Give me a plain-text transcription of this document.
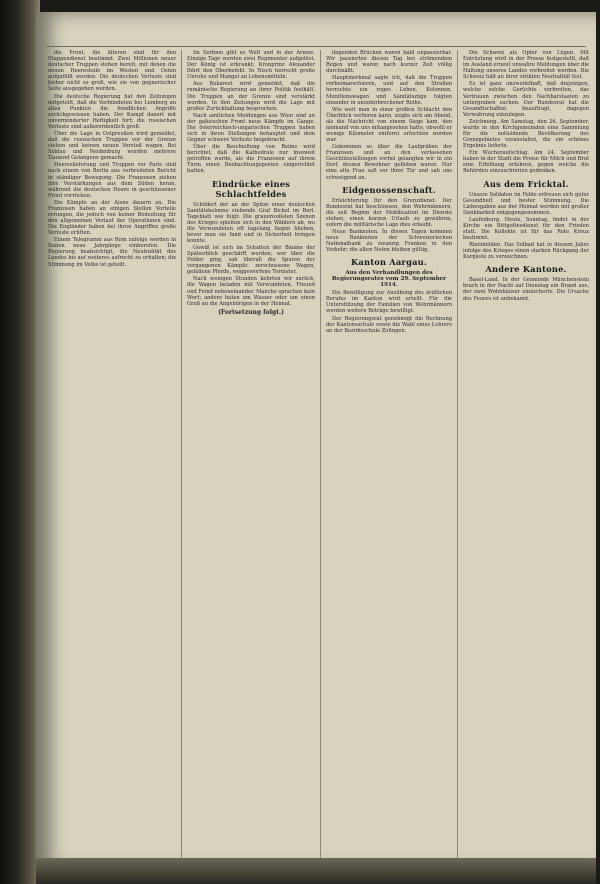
die Front, die älteren sind für den Etappendienst bestimmt. Zwei Millionen neuer deutscher Truppen stehen bereit, mit denen die neuen Heeresteile im Westen und Osten aufgefüllt werden. Die deutschen Verluste sind bisher nicht so groß, wie sie von gegnerischer Seite ausgegeben werden.

Die deutsche Regierung hat den Zeitungen mitgeteilt, daß die Verbündeten bei Lemberg an allen Punkten die feindlichen Angriffe zurückgewiesen haben. Der Kampf dauert mit unverminderter Heftigkeit fort; die russischen Verluste sind außerordentlich groß.

Über die Lage in Ostpreußen wird gemeldet, daß die russischen Truppen vor der Grenze stehen und keinen neuen Vorstoß wagen. Bei Soldau und Neidenburg wurden mehrere Tausend Gefangene gemacht.

Heereslieferung und Truppen vor Paris sind nach einem von Berlin aus verbreiteten Bericht in ständiger Bewegung. Die Franzosen ziehen ihre Verstärkungen aus dem Süden heran, während die deutschen Heere in geschlossener Front vorrücken.

Die Kämpfe an der Aisne dauern an. Die Franzosen haben an einigen Stellen Vorteile errungen, die jedoch von keiner Bedeutung für den allgemeinen Verlauf der Operationen sind. Die Engländer haben bei ihren Angriffen große Verluste erlitten.

Einem Telegramm aus Rom zufolge werden in Italien neue Jahrgänge einberufen. Die Regierung beabsichtigt, die Neutralität des Landes bis auf weiteres aufrecht zu erhalten; die Stimmung im Volke ist geteilt.

Im Serbien gibt es Wolf und in der Armee. Einzige Tage werden zwei Regimenter aufgelöst. Der König ist erkrankt; Kronprinz Alexander führt den Oberbefehl. In Nisch herrscht große Unruhe und Mangel an Lebensmitteln.

Aus Bukarest wird gemeldet, daß die rumänische Regierung an ihrer Politik festhält. Die Truppen an der Grenze sind verstärkt worden. In den Zeitungen wird die Lage mit großer Zurückhaltung besprochen.

Nach amtlichen Meldungen aus Wien sind an der galizischen Front neue Kämpfe im Gange. Die österreichisch-ungarischen Truppen haben sich in ihren Stellungen behauptet und dem Gegner schwere Verluste beigebracht.

Über die Beschießung von Reims wird berichtet, daß die Kathedrale nur insoweit getroffen wurde, als die Franzosen auf ihrem Turm einen Beobachtungsposten eingerichtet hatten.

Eindrücke eines Schlachtfeldes

Schildert der an der Spitze einer deutschen Sanitätskolonne stehende Graf Bickel im Berl. Tageblatt wie folgt: Die grauenvollsten Szenen des Krieges spielten sich in den Wäldern ab, wo die Verwundeten oft tagelang liegen blieben, bevor man sie fand und in Sicherheit bringen konnte.

Gewiß ist sich im Schatten der Bäume der Späherblick geschärft worden; wer über die Felder ging, sah überall die Spuren der vergangenen Kämpfe: zerschossene Wagen, gefallene Pferde, weggeworfene Tornister.

Nach wenigen Stunden kehrten wir zurück, die Wagen beladen mit Verwundeten, Freund und Feind nebeneinander. Manche sprachen kein Wort; andere baten um Wasser oder um einen Gruß an die Angehörigen in der Heimat.

(Fortsetzung folgt.)

liegenden Brücken waren bald unpassierbar. Wir passierten diesen Tag bei strömendem Regen und waren nach kurzer Zeit völlig durchnäßt.

Hauptmerkmal sagte ich, daß die Truppen vorbeimarschieren, und auf den Straßen herrschte ein reges Leben. Kolonnen, Munitionswagen und Sanitätszüge folgten einander in ununterbrochener Reihe.

Wie weit man in einer großen Schlacht den Überblick verlieren kann, zeigte sich am Abend, als die Nachricht von einem Siege kam, den niemand von uns mitangesehen hatte, obwohl er wenige Kilometer entfernt erfochten worden war.

Gekommen so über die Laufgräben der Franzosen und an den verlassenen Geschützstellungen vorbei gelangten wir in ein Dorf, dessen Bewohner geflohen waren. Nur eine alte Frau saß vor ihrer Tür und sah uns schweigend an.

Eidgenossenschaft.

Erleichterung für den Grenzdienst. Der Bundesrat hat beschlossen, den Wehrmännern, die seit Beginn der Mobilisation im Dienste stehen, einen kurzen Urlaub zu gewähren, sofern die militärische Lage dies erlaubt.

Neue Banknoten. In diesen Tagen kommen neue Banknoten der Schweizerischen Nationalbank zu zwanzig Franken in den Verkehr; die alten Noten bleiben gültig.

Kanton Aargau.
Aus den Verhandlungen des Regierungsrates vom 29. September 1914.

Die Bewilligung zur Ausübung des ärztlichen Berufes im Kanton wird erteilt. Für die Unterstützung der Familien von Wehrmännern werden weitere Beträge bewilligt.

Der Regierungsrat genehmigt die Rechnung der Kantonsschule sowie die Wahl eines Lehrers an der Bezirksschule Zofingen.

Die Schweiz als Opfer von Lügen. Mit Entrüstung wird in der Presse festgestellt, daß im Ausland erneut unwahre Meldungen über die Haltung unseres Landes verbreitet werden. Die Schweiz hält an ihrer strikten Neutralität fest.

Es ist ganz unzweifelhaft, daß diejenigen, welche solche Gerüchte verbreiten, das Vertrauen zwischen den Nachbarstaaten zu untergraben suchen. Der Bundesrat hat die Gesandtschaften beauftragt, dagegen Verwahrung einzulegen.

Zeichnung. Am Samstag, den 26. September, wurde in den Kirchgemeinden eine Sammlung für die notleidende Bevölkerung des Grenzgebietes veranstaltet, die ein schönes Ergebnis lieferte.

Ein Wucheraufschlag. Am 24. September haben in der Stadt die Preise für Milch und Brot eine Erhöhung erfahren, gegen welche die Behörden einzuschreiten gedenken.

Aus dem Fricktal.

Unsere Soldaten im Felde erfreuen sich guter Gesundheit und bester Stimmung. Die Liebesgaben aus der Heimat werden mit großer Dankbarkeit entgegengenommen.

Laufenburg. Heute, Sonntag, findet in der Kirche ein Bittgottesdienst für den Frieden statt. Die Kollekte ist für das Rote Kreuz bestimmt.

Rheinfelden. Das Solbad hat in diesem Jahre infolge des Krieges einen starken Rückgang der Kurgäste zu verzeichnen.

Andere Kantone.

Basel-Land. In der Gemeinde Münchenstein brach in der Nacht auf Dienstag ein Brand aus, der zwei Wohnhäuser einäscherte. Die Ursache des Feuers ist unbekannt.
